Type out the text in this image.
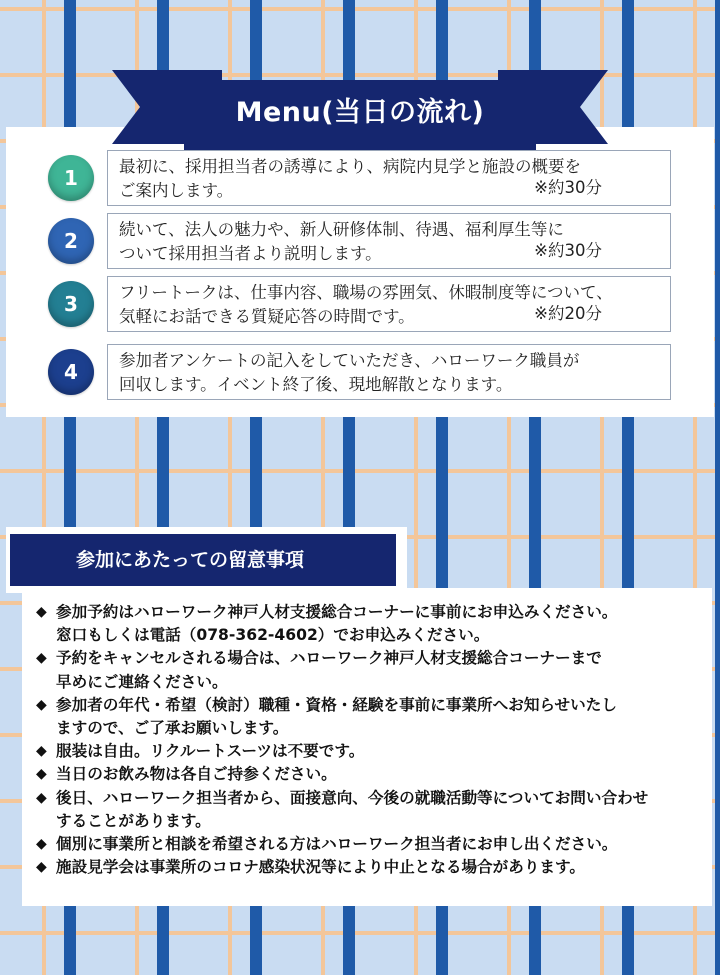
Menu(当日の流れ)
1	最初に、採用担当者の誘導により、病院内見学と施設の概要を
ご案内します。	※約30分
2	続いて、法人の魅力や、新人研修体制、待遇、福利厚生等に
ついて採用担当者より説明します。	※約30分
3	フリートークは、仕事内容、職場の雰囲気、休暇制度等について、
気軽にお話できる質疑応答の時間です。	※約20分
4	参加者アンケートの記入をしていただき、ハローワーク職員が
回収します。イベント終了後、現地解散となります。
参加にあたっての留意事項
◆ 参加予約はハローワーク神戸人材支援総合コーナーに事前にお申込みください。
窓口もしくは電話（078-362-4602）でお申込みください。
◆ 予約をキャンセルされる場合は、ハローワーク神戸人材支援総合コーナーまで
早めにご連絡ください。
◆ 参加者の年代・希望（検討）職種・資格・経験を事前に事業所へお知らせいたし
ますので、ご了承お願いします。
◆ 服装は自由。リクルートスーツは不要です。
◆ 当日のお飲み物は各自ご持参ください。
◆ 後日、ハローワーク担当者から、面接意向、今後の就職活動等についてお問い合わせ
することがあります。
◆ 個別に事業所と相談を希望される方はハローワーク担当者にお申し出ください。
◆ 施設見学会は事業所のコロナ感染状況等により中止となる場合があります。
